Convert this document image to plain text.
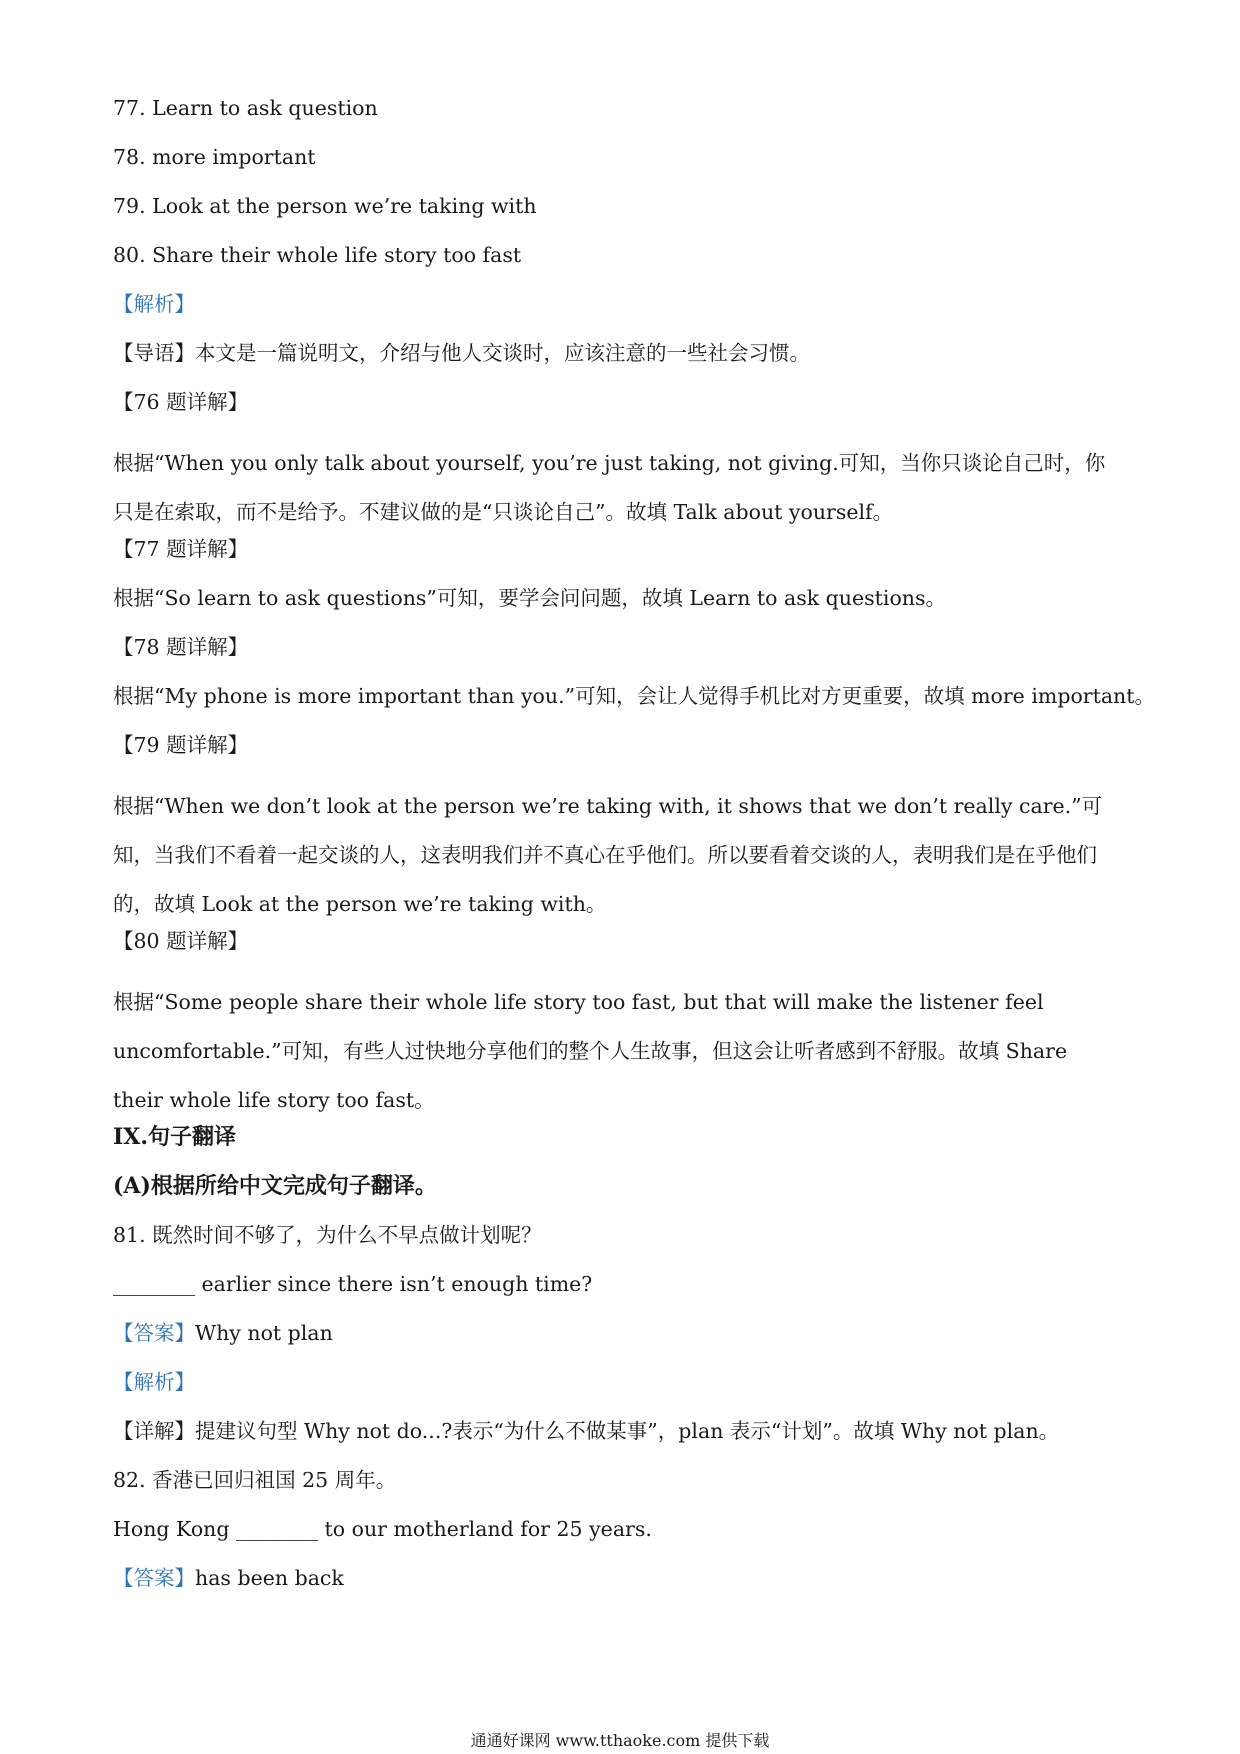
77. Learn to ask question

78. more important

79. Look at the person we’re taking with

80. Share their whole life story too fast

【解析】

【导语】本文是一篇说明文，介绍与他人交谈时，应该注意的一些社会习惯。

【76 题详解】

根据“When you only talk about yourself, you’re just taking, not giving.可知，当你只谈论自己时，你只是在索取，而不是给予。不建议做的是“只谈论自己”。故填 Talk about yourself。

【77 题详解】

根据“So learn to ask questions”可知，要学会问问题，故填 Learn to ask questions。

【78 题详解】

根据“My phone is more important than you.”可知，会让人觉得手机比对方更重要，故填 more important。

【79 题详解】

根据“When we don’t look at the person we’re taking with, it shows that we don’t really care.”可知，当我们不看着一起交谈的人，这表明我们并不真心在乎他们。所以要看着交谈的人，表明我们是在乎他们的，故填 Look at the person we’re taking with。

【80 题详解】

根据“Some people share their whole life story too fast, but that will make the listener feel uncomfortable.”可知，有些人过快地分享他们的整个人生故事，但这会让听者感到不舒服。故填 Share their whole life story too fast。

IX.句子翻译

(A)根据所给中文完成句子翻译。

81. 既然时间不够了，为什么不早点做计划呢？

________ earlier since there isn’t enough time?

【答案】Why not plan

【解析】

【详解】提建议句型 Why not do...?表示“为什么不做某事”，plan 表示“计划”。故填 Why not plan。

82. 香港已回归祖国 25 周年。

Hong Kong ________ to our motherland for 25 years.

【答案】has been back

通通好课网 www.tthaoke.com 提供下载
